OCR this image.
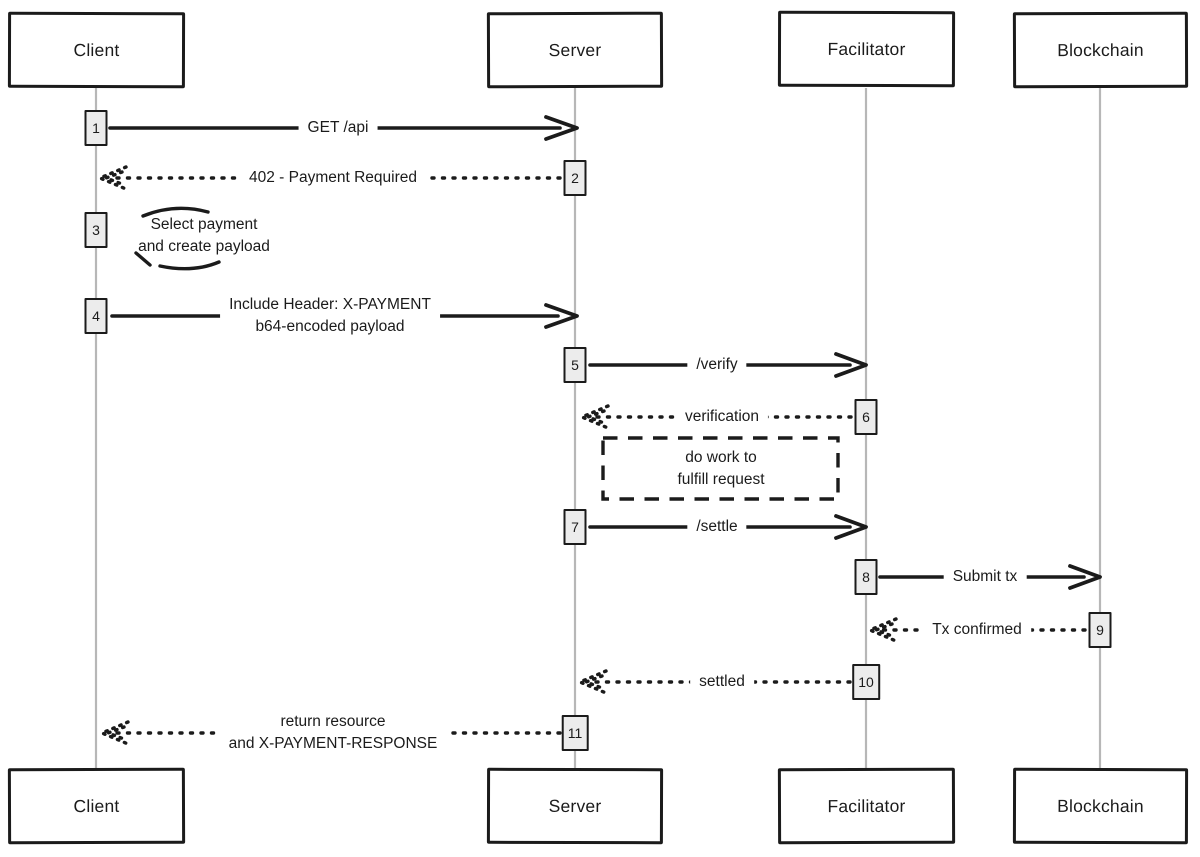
Client	Server	Facilitator	Blockchain
Client	Server	Facilitator	Blockchain
1
2
3
4
5
6
7
8
9
10
11
GET /api
402 - Payment Required
Select payment
and create payload
Include Header: X-PAYMENT
b64-encoded payload
/verify
verification
do work to
fulfill request
/settle
Submit tx
Tx confirmed
settled
return resource
and X-PAYMENT-RESPONSE
